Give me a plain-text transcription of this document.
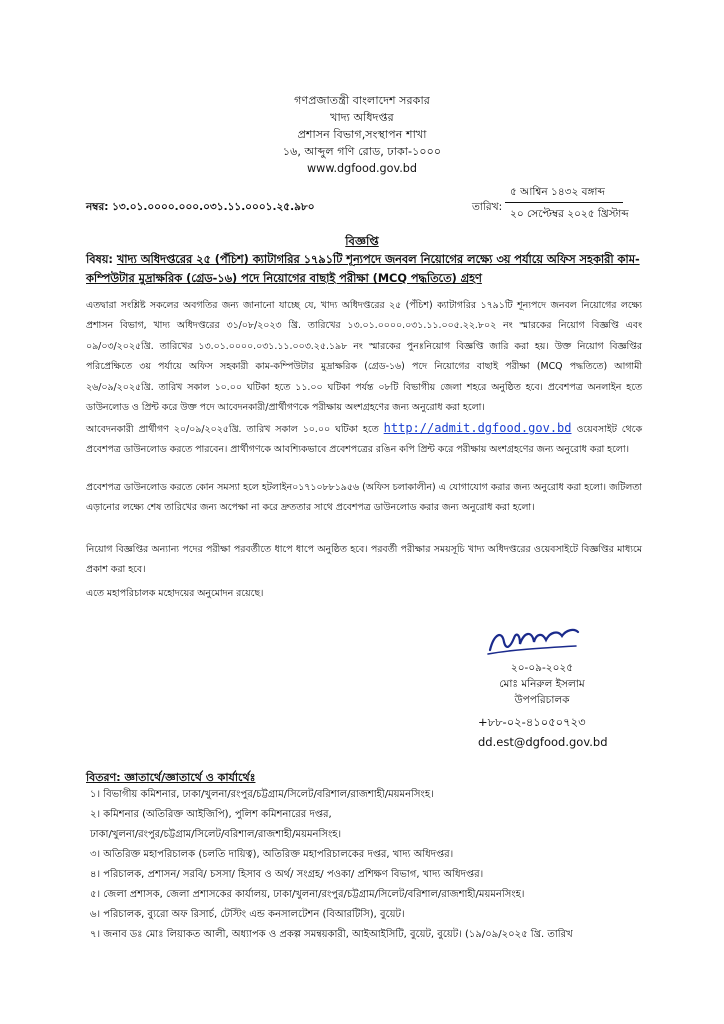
গণপ্রজাতন্ত্রী বাংলাদেশ সরকার
খাদ্য অধিদপ্তর
প্রশাসন বিভাগ,সংস্থাপন শাখা
১৬, আব্দুল গণি রোড, ঢাকা-১০০০
www.dgfood.gov.bd
নম্বর: ১৩.০১.০০০০.০০০.০৩১.১১.০০০১.২৫.৯৮০	তারিখ:
৫ আশ্বিন ১৪৩২ বঙ্গাব্দ
২০ সেপ্টেম্বর ২০২৫ খ্রিস্টাব্দ
বিজ্ঞপ্তি
বিষয়: খাদ্য অধিদপ্তরের ২৫ (পঁচিশ) ক্যাটাগরির ১৭৯১টি শূন্যপদে জনবল নিয়োগের লক্ষ্যে ৩য় পর্যায়ে অফিস সহকারী কাম-কম্পিউটার মুদ্রাক্ষরিক (গ্রেড-১৬) পদে নিয়োগের বাছাই পরীক্ষা (MCQ পদ্ধতিতে) গ্রহণ
এতদ্বারা সংশ্লিষ্ট সকলের অবগতির জন্য জানানো যাচ্ছে যে, খাদ্য অধিদপ্তরের ২৫ (পঁচিশ) ক্যাটাগরির ১৭৯১টি শূন্যপদে জনবল নিয়োগের লক্ষ্যে প্রশাসন বিভাগ, খাদ্য অধিদপ্তরের ৩১/০৮/২০২৩ খ্রি. তারিখের ১৩.০১.০০০০.০৩১.১১.০০৫.২২.৮০২ নং স্মারকের নিয়োগ বিজ্ঞপ্তি এবং ০৯/০৩/২০২৫খ্রি. তারিখের ১৩.০১.০০০০.০৩১.১১.০০৩.২৫.১৯৮ নং স্মারকের পুনঃনিয়োগ বিজ্ঞপ্তি জারি করা হয়। উক্ত নিয়োগ বিজ্ঞপ্তির পরিপ্রেক্ষিতে ৩য় পর্যায়ে অফিস সহকারী কাম-কম্পিউটার মুদ্রাক্ষরিক (গ্রেড-১৬) পদে নিয়োগের বাছাই পরীক্ষা (MCQ পদ্ধতিতে) আগামী ২৬/০৯/২০২৫খ্রি. তারিখ সকাল ১০.০০ ঘটিকা হতে ১১.০০ ঘটিকা পর্যন্ত ০৮টি বিভাগীয় জেলা শহরে অনুষ্ঠিত হবে। প্রবেশপত্র অনলাইন হতে ডাউনলোড ও প্রিন্ট করে উক্ত পদে আবেদনকারী/প্রার্থীগণকে পরীক্ষায় অংশগ্রহণের জন্য অনুরোধ করা হলো।
আবেদনকারী প্রার্থীগণ ২০/০৯/২০২৫খ্রি. তারিখ সকাল ১০.০০ ঘটিকা হতে http://admit.dgfood.gov.bd ওয়েবসাইট থেকে প্রবেশপত্র ডাউনলোড করতে পারবেন। প্রার্থীগণকে আবশ্যিকভাবে প্রবেশপত্রের রঙিন কপি প্রিন্ট করে পরীক্ষায় অংশগ্রহণের জন্য অনুরোধ করা হলো।
প্রবেশপত্র ডাউনলোড করতে কোন সমস্যা হলে হটলাইন০১৭১০৮৮১৯৫৬ (অফিস চলাকালীন) এ যোগাযোগ করার জন্য অনুরোধ করা হলো। জটিলতা এড়ানোর লক্ষ্যে শেষ তারিখের জন্য অপেক্ষা না করে দ্রুততার সাথে প্রবেশপত্র ডাউনলোড করার জন্য অনুরোধ করা হলো।
নিয়োগ বিজ্ঞপ্তির অন্যান্য পদের পরীক্ষা পরবর্তীতে ধাপে ধাপে অনুষ্ঠিত হবে। পরবর্তী পরীক্ষার সময়সূচি খাদ্য অধিদপ্তরের ওয়েবসাইটে বিজ্ঞপ্তির মাধ্যমে প্রকাশ করা হবে।
এতে মহাপরিচালক মহোদয়ের অনুমোদন রয়েছে।
২০-০৯-২০২৫
মোঃ মনিরুল ইসলাম
উপপরিচালক
+৮৮-০২-৪১০৫০৭২৩
dd.est@dgfood.gov.bd
বিতরণ: জ্ঞাতার্থে/জ্ঞাতার্থে ও কার্যার্থেঃ
১। বিভাগীয় কমিশনার, ঢাকা/খুলনা/রংপুর/চট্টগ্রাম/সিলেট/বরিশাল/রাজশাহী/ময়মনসিংহ।
২। কমিশনার (অতিরিক্ত আইজিপি), পুলিশ কমিশনারের দপ্তর,
ঢাকা/খুলনা/রংপুর/চট্টগ্রাম/সিলেট/বরিশাল/রাজশাহী/ময়মনসিংহ।
৩। অতিরিক্ত মহাপরিচালক (চলতি দায়িত্ব), অতিরিক্ত মহাপরিচালকের দপ্তর, খাদ্য অধিদপ্তর।
৪। পরিচালক, প্রশাসন/ সরবি/ চসসা/ হিসাব ও অর্থ/ সংগ্রহ/ পওকা/ প্রশিক্ষণ বিভাগ, খাদ্য অধিদপ্তর।
৫। জেলা প্রশাসক, জেলা প্রশাসকের কার্যালয়, ঢাকা/খুলনা/রংপুর/চট্টগ্রাম/সিলেট/বরিশাল/রাজশাহী/ময়মনসিংহ।
৬। পরিচালক, ব্যুরো অফ রিসার্চ, টেস্টিং এন্ড কনসালটেশন (বিআরটিসি), বুয়েট।
৭। জনাব ডঃ মোঃ লিয়াকত আলী, অধ্যাপক ও প্রকল্প সমন্বয়কারী, আইআইসিটি, বুয়েট, বুয়েট। (১৯/০৯/২০২৫ খ্রি. তারিখ
